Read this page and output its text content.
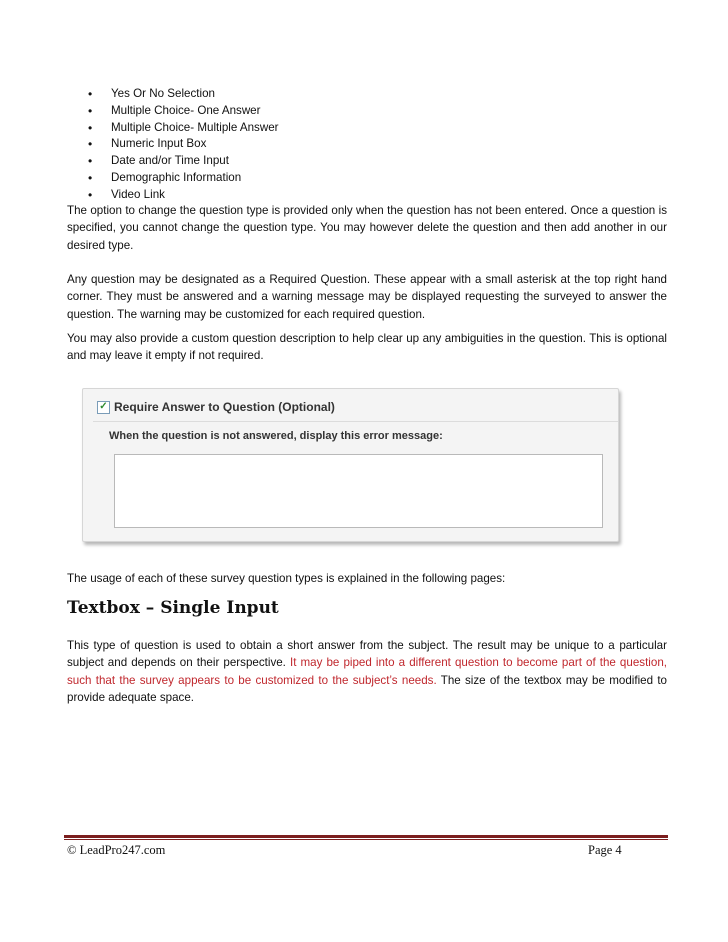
• Yes Or No Selection
• Multiple Choice- One Answer
• Multiple Choice- Multiple Answer
• Numeric Input Box
• Date and/or Time Input
• Demographic Information
• Video Link

The option to change the question type is provided only when the question has not been entered. Once a question is specified, you cannot change the question type. You may however delete the question and then add another in our desired type.

Any question may be designated as a Required Question. These appear with a small asterisk at the top right hand corner. They must be answered and a warning message may be displayed requesting the surveyed to answer the question. The warning may be customized for each required question.

You may also provide a custom question description to help clear up any ambiguities in the question. This is optional and may leave it empty if not required.

✓ Require Answer to Question (Optional)
When the question is not answered, display this error message:

The usage of each of these survey question types is explained in the following pages:

Textbox – Single Input

This type of question is used to obtain a short answer from the subject. The result may be unique to a particular subject and depends on their perspective. It may be piped into a different question to become part of the question, such that the survey appears to be customized to the subject’s needs. The size of the textbox may be modified to provide adequate space.

© LeadPro247.com	Page 4
